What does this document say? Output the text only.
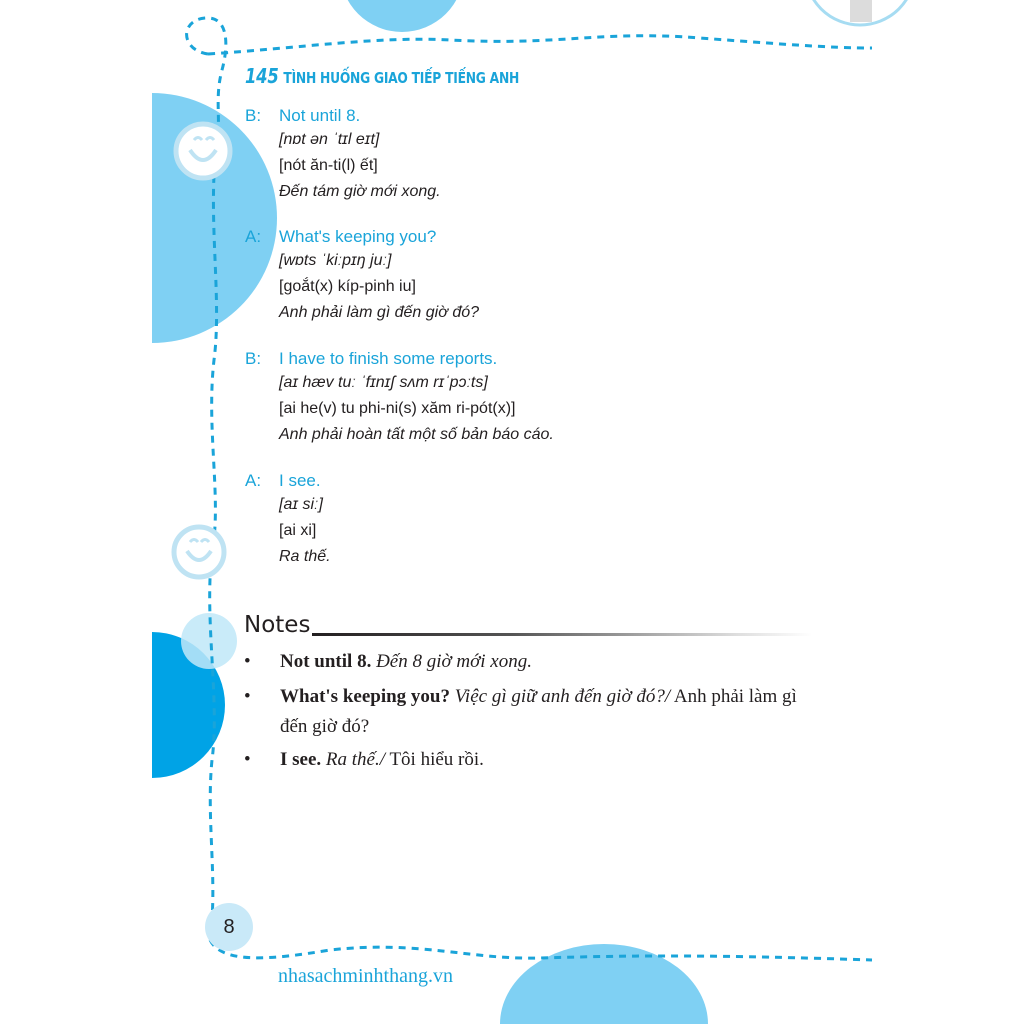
145 TÌNH HUỐNG GIAO TIẾP TIẾNG ANH
B: Not until 8.
[nɒt ən ˈtɪl eɪt]
[nót ăn-ti(l) ết]
Đến tám giờ mới xong.
A: What's keeping you?
[wɒts ˈkiːpɪŋ juː]
[goắt(x) kíp-pinh iu]
Anh phải làm gì đến giờ đó?
B: I have to finish some reports.
[aɪ hæv tuː ˈfɪnɪʃ sʌm rɪˈpɔːts]
[ai he(v) tu phi-ni(s) xăm ri-pót(x)]
Anh phải hoàn tất một số bản báo cáo.
A: I see.
[aɪ siː]
[ai xi]
Ra thế.
Notes
• Not until 8. Đến 8 giờ mới xong.
• What's keeping you? Việc gì giữ anh đến giờ đó?/ Anh phải làm gì đến giờ đó?
• I see. Ra thế./ Tôi hiểu rồi.
8
nhasachminhthang.vn
